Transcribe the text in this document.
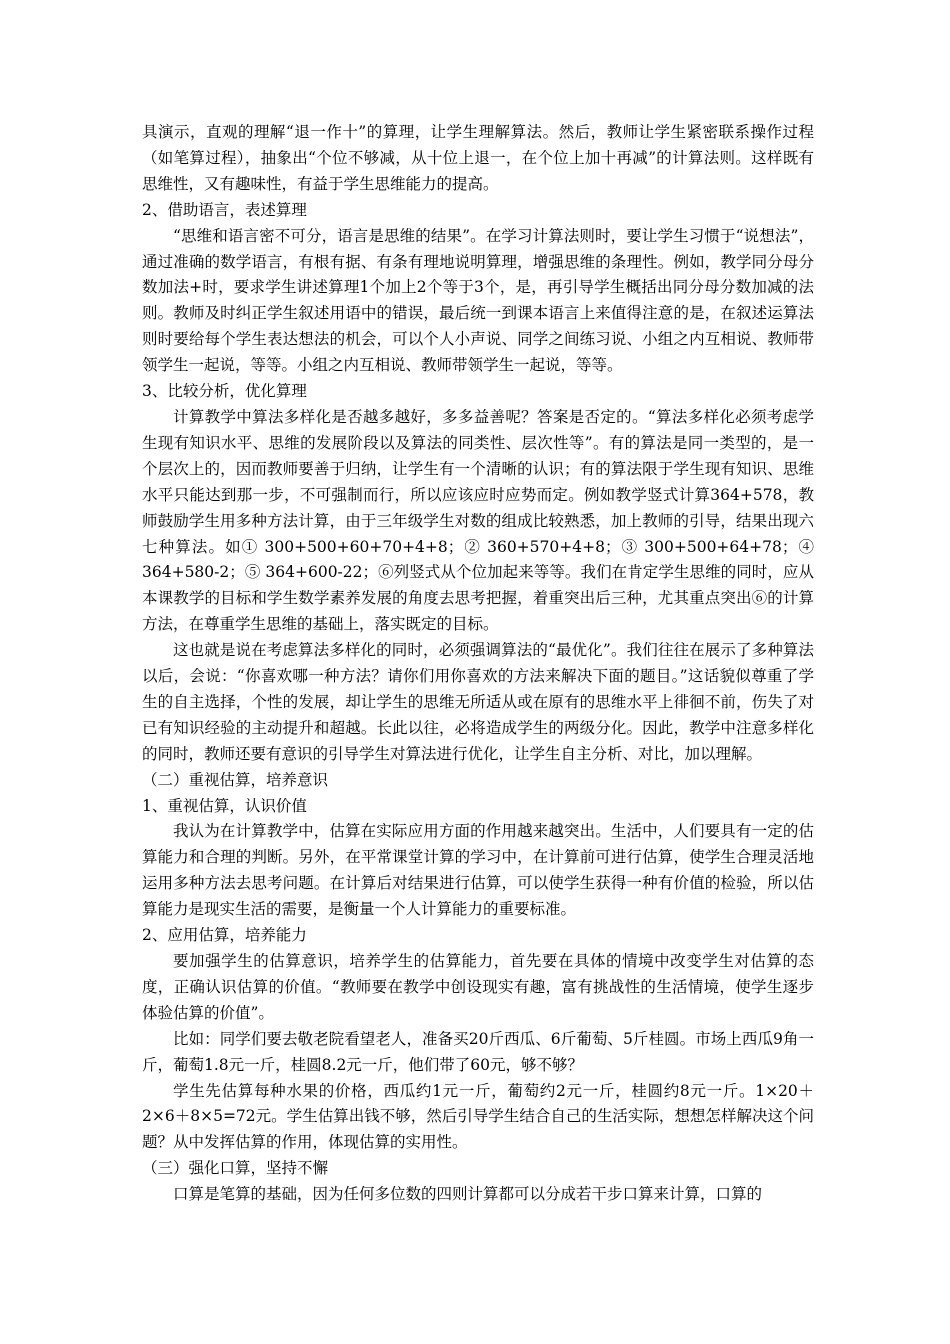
具演示，直观的理解“退一作十”的算理，让学生理解算法。然后，教师让学生紧密联系操作过程（如笔算过程），抽象出“个位不够减，从十位上退一，在个位上加十再减”的计算法则。这样既有思维性，又有趣味性，有益于学生思维能力的提高。

2、借助语言，表述算理

“思维和语言密不可分，语言是思维的结果”。在学习计算法则时，要让学生习惯于“说想法”，通过准确的数学语言，有根有据、有条有理地说明算理，增强思维的条理性。例如，教学同分母分数加法+时，要求学生讲述算理1个加上2个等于3个，是，再引导学生概括出同分母分数加减的法则。教师及时纠正学生叙述用语中的错误，最后统一到课本语言上来值得注意的是，在叙述运算法则时要给每个学生表达想法的机会，可以个人小声说、同学之间练习说、小组之内互相说、教师带领学生一起说，等等。小组之内互相说、教师带领学生一起说，等等。

3、比较分析，优化算理

计算教学中算法多样化是否越多越好，多多益善呢？答案是否定的。“算法多样化必须考虑学生现有知识水平、思维的发展阶段以及算法的同类性、层次性等”。有的算法是同一类型的，是一个层次上的，因而教师要善于归纳，让学生有一个清晰的认识；有的算法限于学生现有知识、思维水平只能达到那一步，不可强制而行，所以应该应时应势而定。例如教学竖式计算364+578，教师鼓励学生用多种方法计算，由于三年级学生对数的组成比较熟悉，加上教师的引导，结果出现六七种算法。如① 300+500+60+70+4+8；② 360+570+4+8；③ 300+500+64+78；④ 364+580-2；⑤ 364+600-22；⑥列竖式从个位加起来等等。我们在肯定学生思维的同时，应从本课教学的目标和学生数学素养发展的角度去思考把握，着重突出后三种，尤其重点突出⑥的计算方法，在尊重学生思维的基础上，落实既定的目标。

这也就是说在考虑算法多样化的同时，必须强调算法的“最优化”。我们往往在展示了多种算法以后，会说：“你喜欢哪一种方法？请你们用你喜欢的方法来解决下面的题目。”这话貌似尊重了学生的自主选择，个性的发展，却让学生的思维无所适从或在原有的思维水平上徘徊不前，伤失了对已有知识经验的主动提升和超越。长此以往，必将造成学生的两级分化。因此，教学中注意多样化的同时，教师还要有意识的引导学生对算法进行优化，让学生自主分析、对比，加以理解。

（二）重视估算，培养意识

1、重视估算，认识价值

我认为在计算教学中，估算在实际应用方面的作用越来越突出。生活中，人们要具有一定的估算能力和合理的判断。另外，在平常课堂计算的学习中，在计算前可进行估算，使学生合理灵活地运用多种方法去思考问题。在计算后对结果进行估算，可以使学生获得一种有价值的检验，所以估算能力是现实生活的需要，是衡量一个人计算能力的重要标准。

2、应用估算，培养能力

要加强学生的估算意识，培养学生的估算能力，首先要在具体的情境中改变学生对估算的态度，正确认识估算的价值。“教师要在教学中创设现实有趣，富有挑战性的生活情境，使学生逐步体验估算的价值”。

比如：同学们要去敬老院看望老人，准备买20斤西瓜、6斤葡萄、5斤桂圆。市场上西瓜9角一斤，葡萄1.8元一斤，桂圆8.2元一斤，他们带了60元，够不够？

学生先估算每种水果的价格，西瓜约1元一斤，葡萄约2元一斤，桂圆约8元一斤。1×20＋2×6＋8×5=72元。学生估算出钱不够，然后引导学生结合自己的生活实际，想想怎样解决这个问题？从中发挥估算的作用，体现估算的实用性。

（三）强化口算，坚持不懈

口算是笔算的基础，因为任何多位数的四则计算都可以分成若干步口算来计算，口算的
